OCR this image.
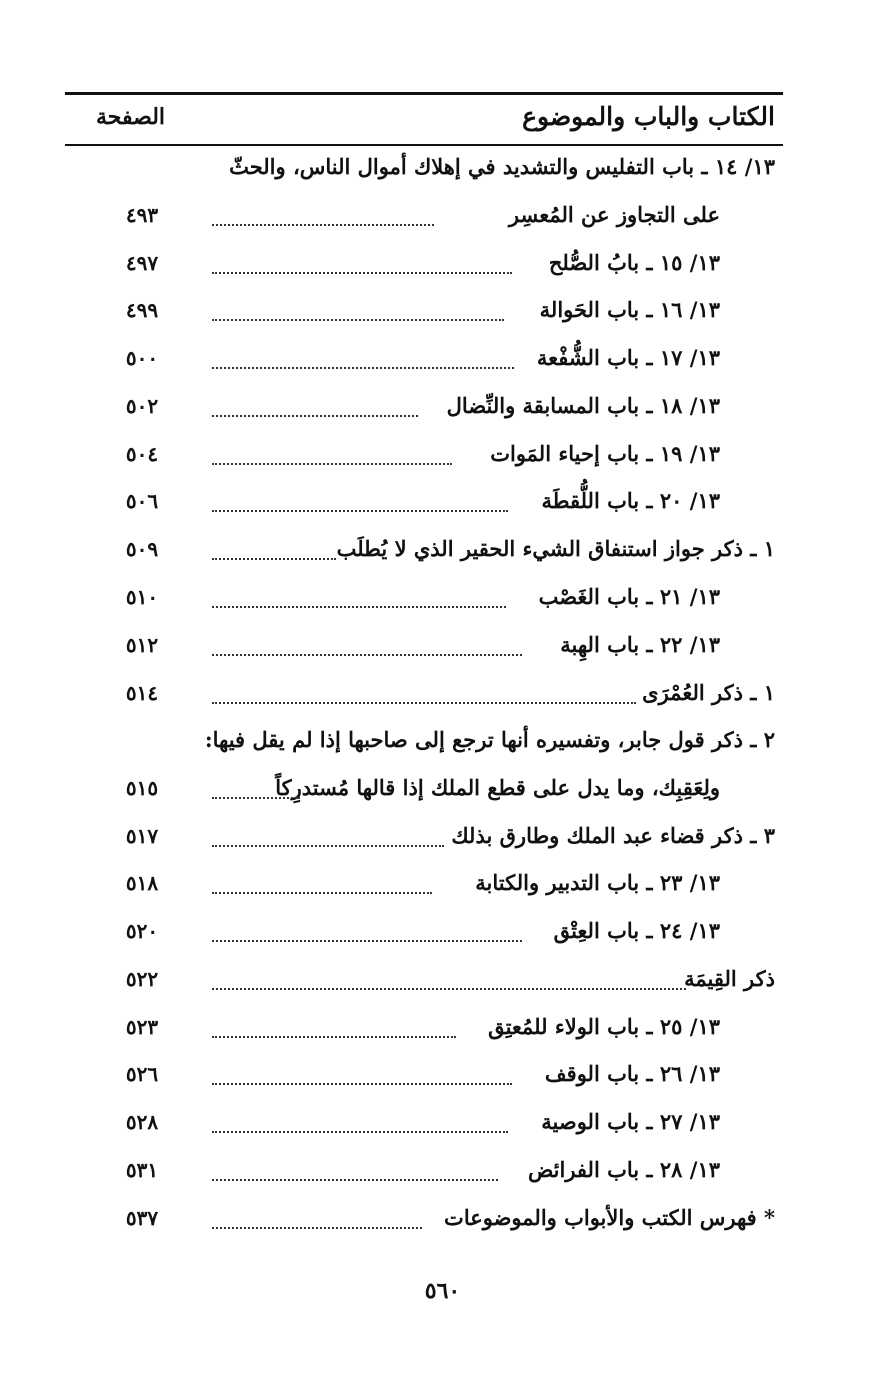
الكتاب والباب والموضوع
الصفحة
١٣/ ١٤ ـ باب التفليس والتشديد في إهلاك أموال الناس، والحثّ
على التجاوز عن المُعسِر
٤٩٣
١٣/ ١٥ ـ بابُ الصُّلح
٤٩٧
١٣/ ١٦ ـ باب الحَوالة
٤٩٩
١٣/ ١٧ ـ باب الشُّفْعة
٥٠٠
١٣/ ١٨ ـ باب المسابقة والنِّضال
٥٠٢
١٣/ ١٩ ـ باب إحياء المَوات
٥٠٤
١٣/ ٢٠ ـ باب اللُّقطَة
٥٠٦
١ ـ ذكر جواز استنفاق الشيء الحقير الذي لا يُطلَب
٥٠٩
١٣/ ٢١ ـ باب الغَصْب
٥١٠
١٣/ ٢٢ ـ باب الهِبة
٥١٢
١ ـ ذكر العُمْرَى
٥١٤
٢ ـ ذكر قول جابر، وتفسيره أنها ترجع إلى صاحبها إذا لم يقل فيها:
ولِعَقِبِك، وما يدل على قطع الملك إذا قالها مُستدرِكاً
٥١٥
٣ ـ ذكر قضاء عبد الملك وطارق بذلك
٥١٧
١٣/ ٢٣ ـ باب التدبير والكتابة
٥١٨
١٣/ ٢٤ ـ باب العِتْق
٥٢٠
ذكر القِيمَة
٥٢٢
١٣/ ٢٥ ـ باب الولاء للمُعتِق
٥٢٣
١٣/ ٢٦ ـ باب الوقف
٥٢٦
١٣/ ٢٧ ـ باب الوصية
٥٢٨
١٣/ ٢٨ ـ باب الفرائض
٥٣١
* فهرس الكتب والأبواب والموضوعات
٥٣٧
٥٦٠
